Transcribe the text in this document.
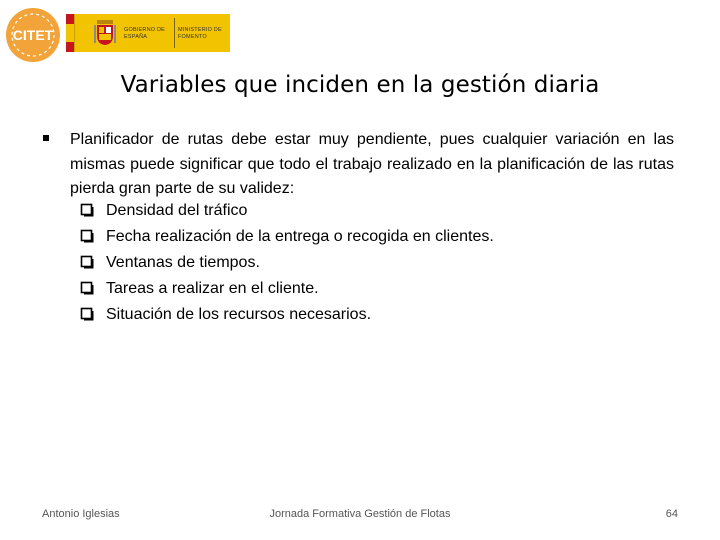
CITET	GOBIERNO DE ESPAÑA
MINISTERIO DE FOMENTO
Variables que inciden en la gestión diaria
Planificador de rutas debe estar muy pendiente, pues cualquier variación en las mismas puede significar que todo el trabajo realizado en la planificación de las rutas pierda gran parte de su validez:
Densidad del tráfico
Fecha realización de la entrega o recogida en clientes.
Ventanas de tiempos.
Tareas a realizar en el cliente.
Situación de los recursos necesarios.
Antonio Iglesias	Jornada Formativa Gestión de Flotas	64
